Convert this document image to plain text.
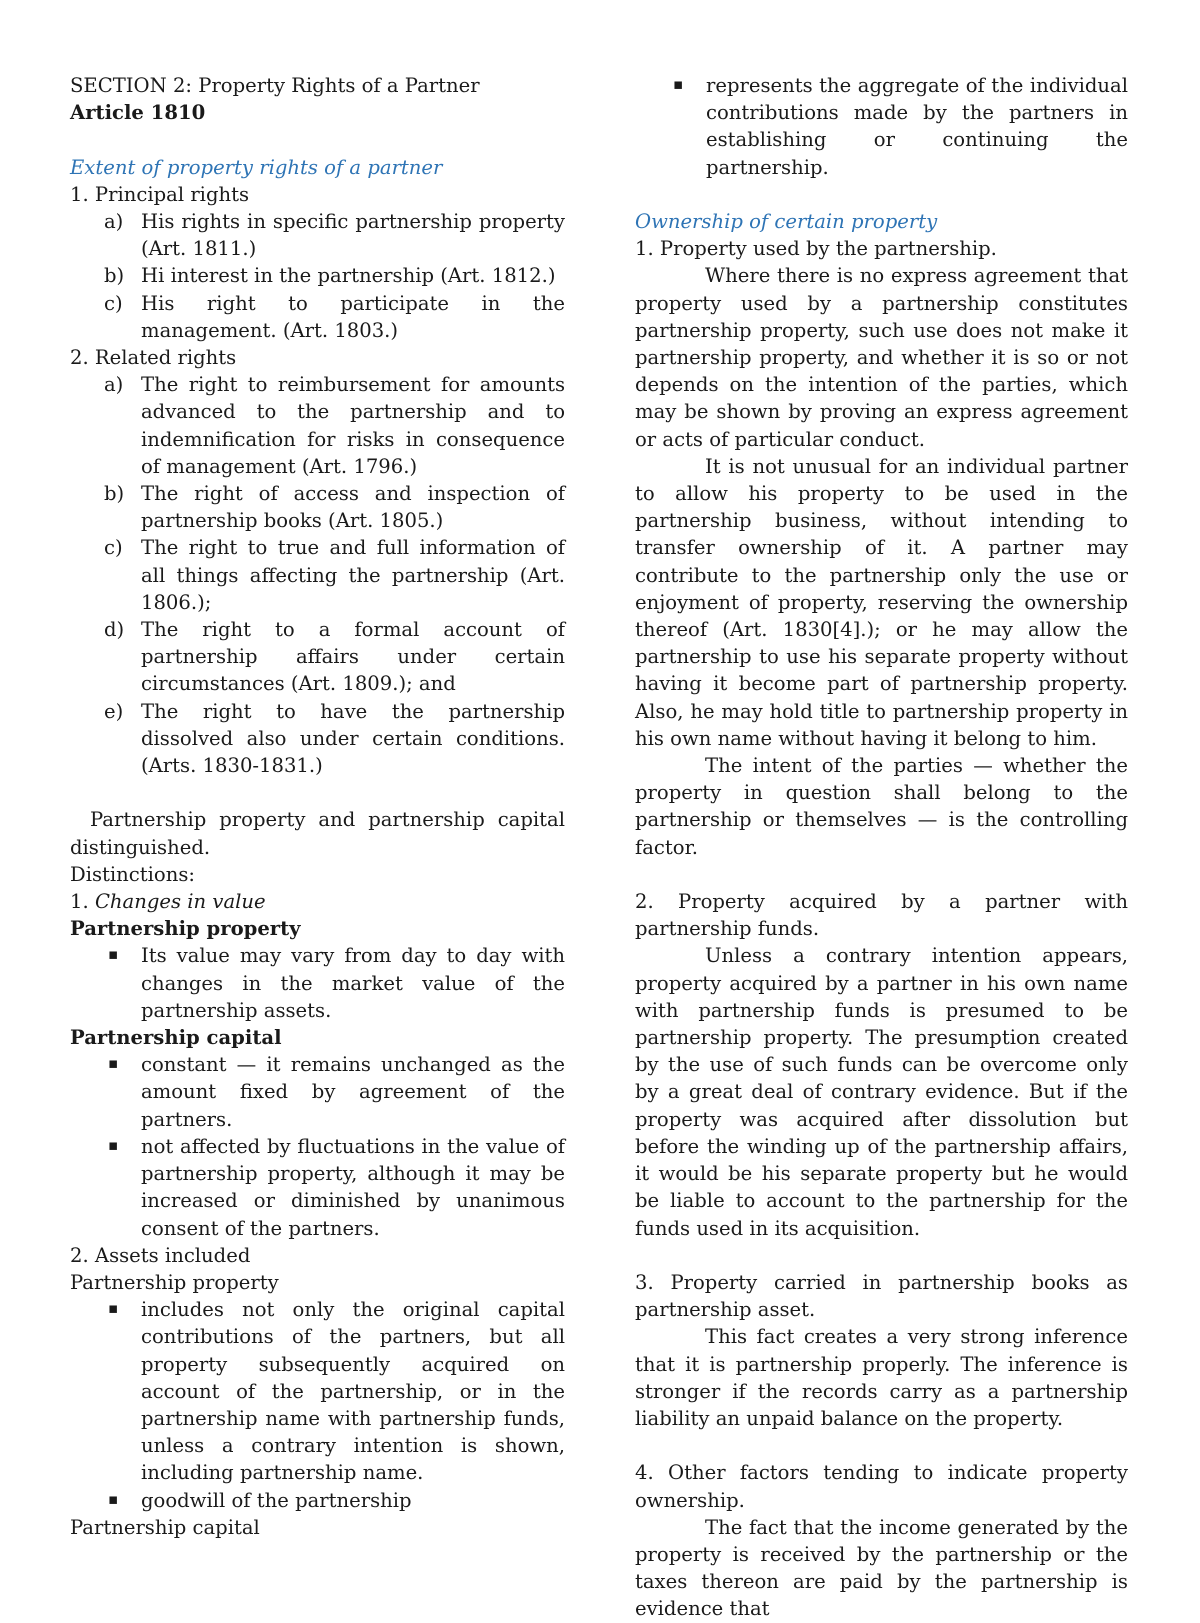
SECTION 2: Property Rights of a Partner

Article 1810

Extent of property rights of a partner

1. Principal rights

a) His rights in specific partnership property (Art. 1811.)

b) Hi interest in the partnership (Art. 1812.)

c) His right to participate in the management. (Art. 1803.)

2. Related rights

a) The right to reimbursement for amounts advanced to the partnership and to indemnification for risks in consequence of management (Art. 1796.)

b) The right of access and inspection of partnership books (Art. 1805.)

c) The right to true and full information of all things affecting the partnership (Art. 1806.);

d) The right to a formal account of partnership affairs under certain circumstances (Art. 1809.); and

e) The right to have the partnership dissolved also under certain conditions. (Arts. 1830-1831.)

Partnership property and partnership capital distinguished.

Distinctions:

1. Changes in value

Partnership property

▪ Its value may vary from day to day with changes in the market value of the partnership assets.

Partnership capital

▪ constant — it remains unchanged as the amount fixed by agreement of the partners.

▪ not affected by fluctuations in the value of partnership property, although it may be increased or diminished by unanimous consent of the partners.

2. Assets included

Partnership property

▪ includes not only the original capital contributions of the partners, but all property subsequently acquired on account of the partnership, or in the partnership name with partnership funds, unless a contrary intention is shown, including partnership name.

▪ goodwill of the partnership

Partnership capital

▪ represents the aggregate of the individual contributions made by the partners in establishing or continuing the partnership.

Ownership of certain property

1. Property used by the partnership.

Where there is no express agreement that property used by a partnership constitutes partnership property, such use does not make it partnership property, and whether it is so or not depends on the intention of the parties, which may be shown by proving an express agreement or acts of particular conduct.

It is not unusual for an individual partner to allow his property to be used in the partnership business, without intending to transfer ownership of it. A partner may contribute to the partnership only the use or enjoyment of property, reserving the ownership thereof (Art. 1830[4].); or he may allow the partnership to use his separate property without having it become part of partnership property. Also, he may hold title to partnership property in his own name without having it belong to him.

The intent of the parties — whether the property in question shall belong to the partnership or themselves — is the controlling factor.

2. Property acquired by a partner with partnership funds.

Unless a contrary intention appears, property acquired by a partner in his own name with partnership funds is presumed to be partnership property. The presumption created by the use of such funds can be overcome only by a great deal of contrary evidence. But if the property was acquired after dissolution but before the winding up of the partnership affairs, it would be his separate property but he would be liable to account to the partnership for the funds used in its acquisition.

3. Property carried in partnership books as partnership asset.

This fact creates a very strong inference that it is partnership properly. The inference is stronger if the records carry as a partnership liability an unpaid balance on the property.

4. Other factors tending to indicate property ownership.

The fact that the income generated by the property is received by the partnership or the taxes thereon are paid by the partnership is evidence that
